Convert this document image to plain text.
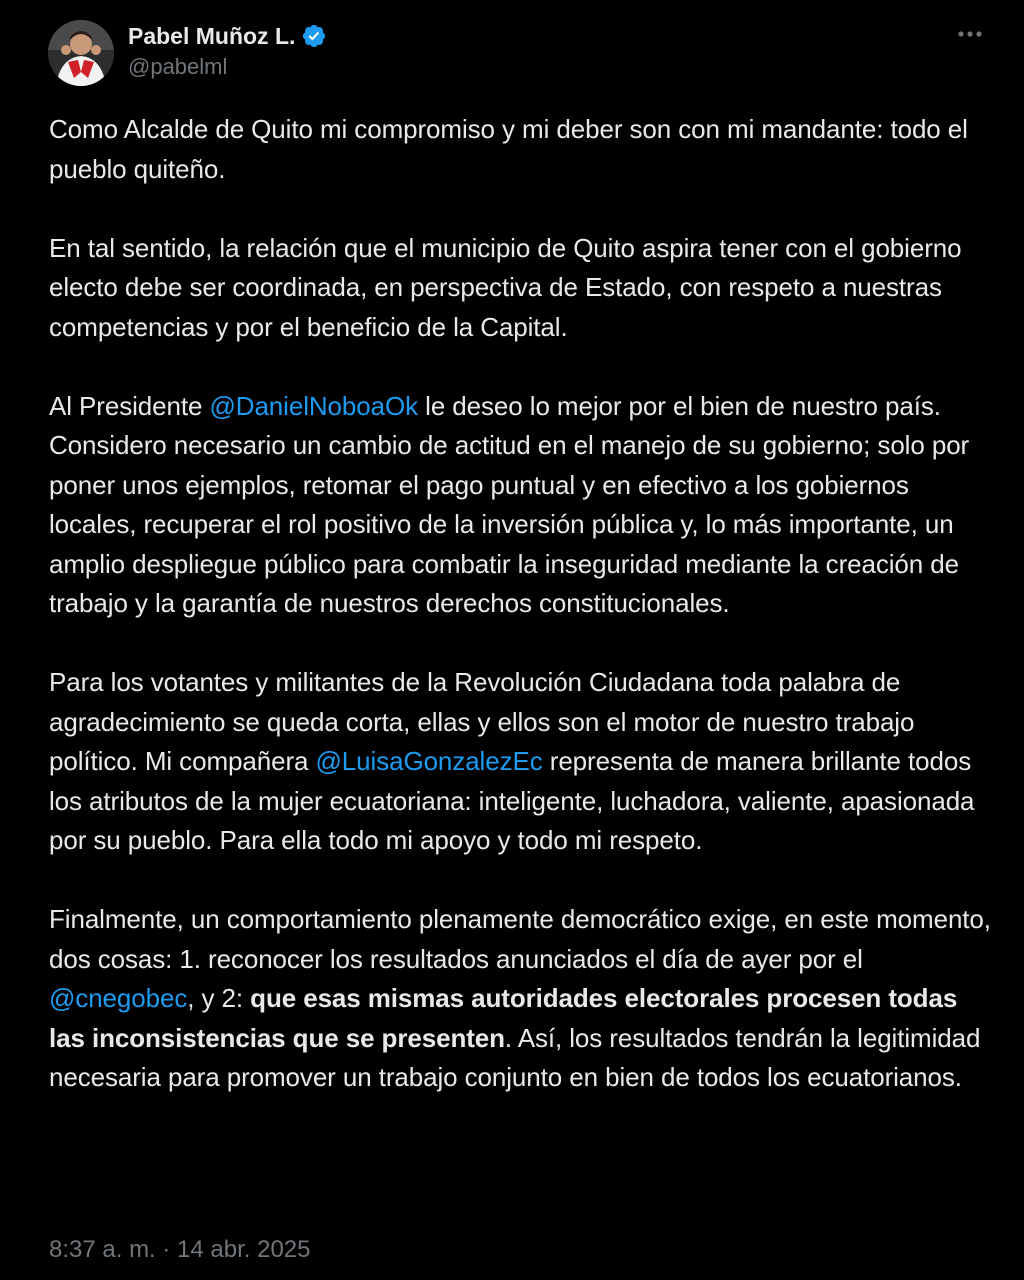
Pabel Muñoz L.
@pabelml

Como Alcalde de Quito mi compromiso y mi deber son con mi mandante: todo el pueblo quiteño.

En tal sentido, la relación que el municipio de Quito aspira tener con el gobierno electo debe ser coordinada, en perspectiva de Estado, con respeto a nuestras competencias y por el beneficio de la Capital.

Al Presidente @DanielNoboaOk le deseo lo mejor por el bien de nuestro país. Considero necesario un cambio de actitud en el manejo de su gobierno; solo por poner unos ejemplos, retomar el pago puntual y en efectivo a los gobiernos locales, recuperar el rol positivo de la inversión pública y, lo más importante, un amplio despliegue público para combatir la inseguridad mediante la creación de trabajo y la garantía de nuestros derechos constitucionales.

Para los votantes y militantes de la Revolución Ciudadana toda palabra de agradecimiento se queda corta, ellas y ellos son el motor de nuestro trabajo político. Mi compañera @LuisaGonzalezEc representa de manera brillante todos los atributos de la mujer ecuatoriana: inteligente, luchadora, valiente, apasionada por su pueblo. Para ella todo mi apoyo y todo mi respeto.

Finalmente, un comportamiento plenamente democrático exige, en este momento, dos cosas: 1. reconocer los resultados anunciados el día de ayer por el @cnegobec, y 2: que esas mismas autoridades electorales procesen todas las inconsistencias que se presenten. Así, los resultados tendrán la legitimidad necesaria para promover un trabajo conjunto en bien de todos los ecuatorianos.

8:37 a. m. · 14 abr. 2025
